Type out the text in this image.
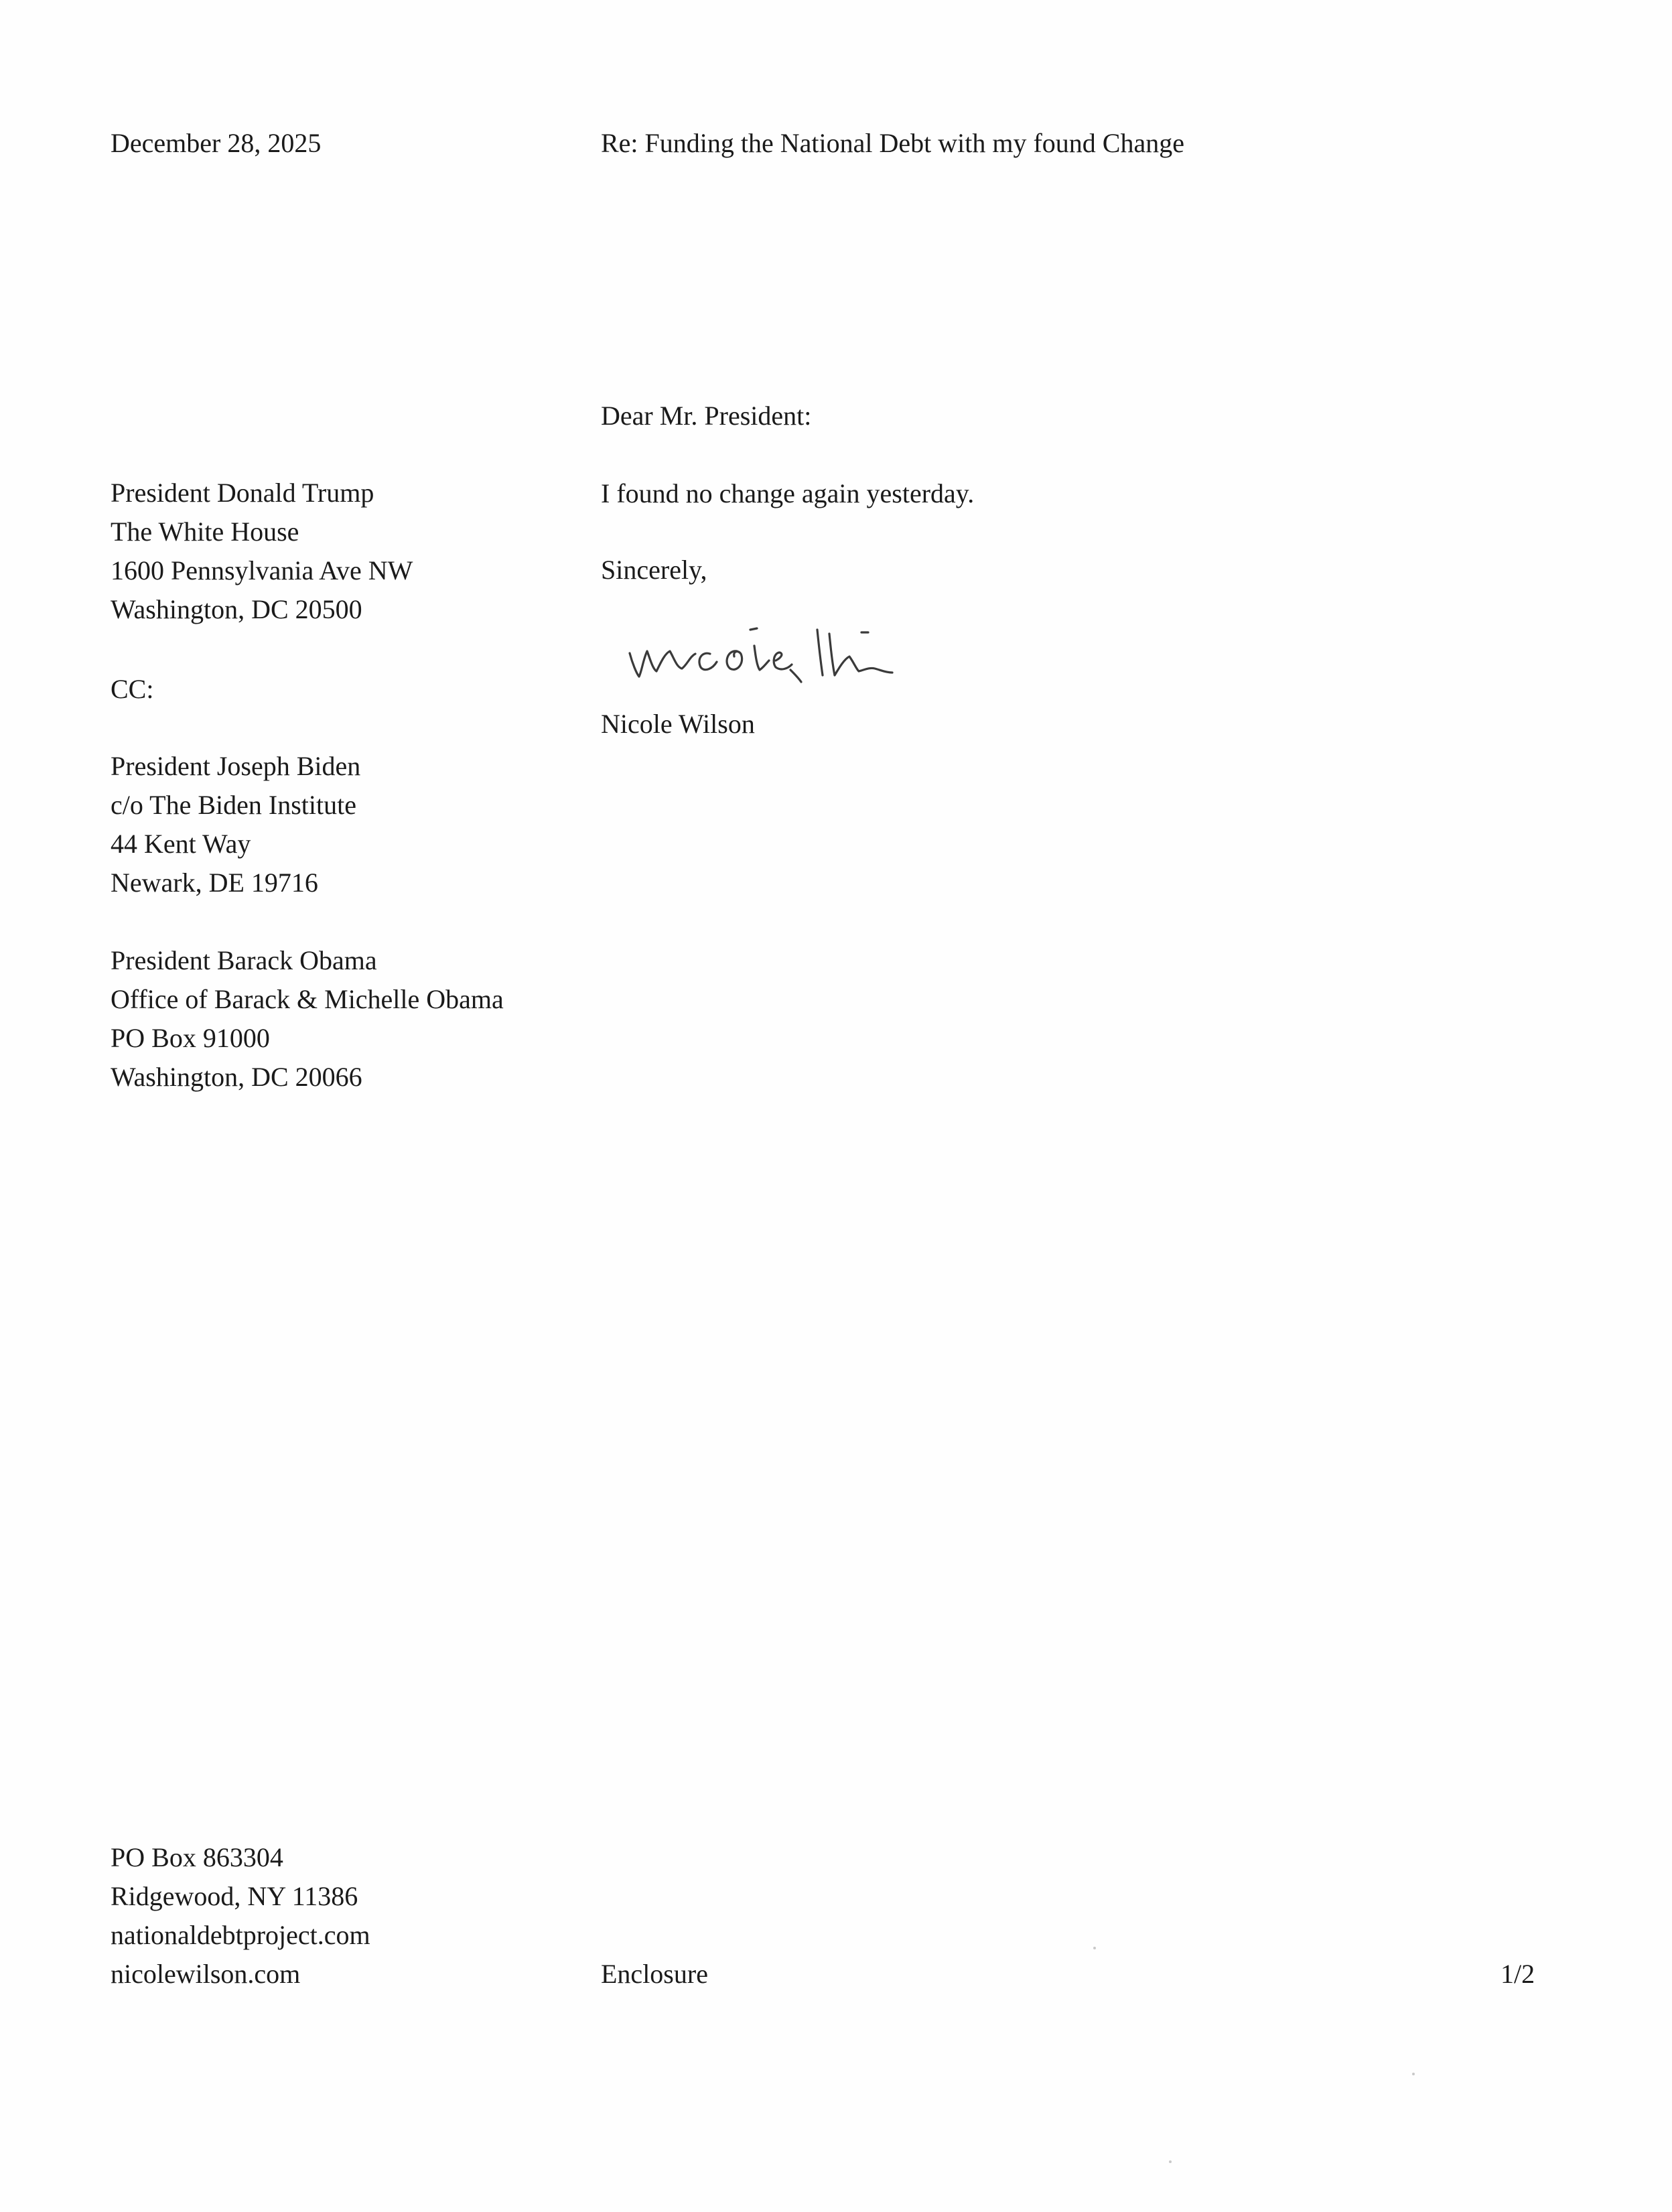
December 28, 2025	Re: Funding the National Debt with my found Change

Dear Mr. President:

I found no change again yesterday.

Sincerely,

Nicole Wilson

Nicole Wilson

President Donald Trump
The White House
1600 Pennsylvania Ave NW
Washington, DC 20500

CC:

President Joseph Biden
c/o The Biden Institute
44 Kent Way
Newark, DE 19716
President Barack Obama
Office of Barack & Michelle Obama
PO Box 91000
Washington, DC 20066
PO Box 863304
Ridgewood, NY 11386
nationaldebtproject.com
nicolewilson.com	Enclosure	1/2
